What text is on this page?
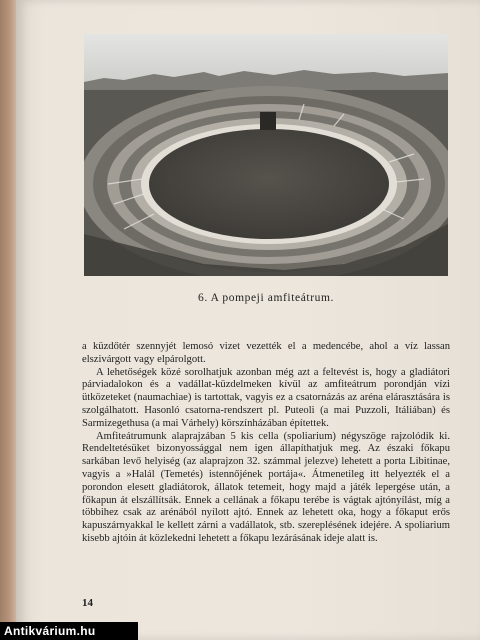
6. A pompeji amfiteátrum.

a küzdőtér szennyjét lemosó vizet vezették el a medencébe, ahol a víz lassan elszivárgott vagy elpárolgott.

A lehetőségek közé sorolhatjuk azonban még azt a feltevést is, hogy a gladiátori párviadalokon és a vadállat-küzdelmeken kívül az amfiteátrum porondján vízi ütközeteket (naumachiae) is tartottak, vagyis ez a csatornázás az aréna elárasztására is szolgálhatott. Hasonló csatorna-rendszert pl. Puteoli (a mai Puzzoli, Itáliában) és Sarmizegethusa (a mai Várhely) körszínházában építettek.

Amfiteátrumunk alaprajzában 5 kis cella (spoliarium) négyszöge rajzolódik ki. Rendeltetésüket bizonyossággal nem igen állapíthatjuk meg. Az északi főkapu sarkában levő helyiség (az alaprajzon 32. számmal jelezve) lehetett a porta Libitinae, vagyis a »Halál (Temetés) istennőjének portája«. Átmenetileg itt helyezték el a porondon elesett gladiátorok, állatok tetemeit, hogy majd a játék lepergése után, a főkapun át elszállítsák. Ennek a cellának a főkapu terébe is vágtak ajtónyílást, míg a többihez csak az arénából nyílott ajtó. Ennek az lehetett oka, hogy a főkaput erős kapuszárnyakkal le kellett zárni a vadállatok, stb. szereplésének idejére. A spoliarium kisebb ajtóin át közlekedni lehetett a főkapu lezárásának ideje alatt is.

14
Antikvárium.hu
